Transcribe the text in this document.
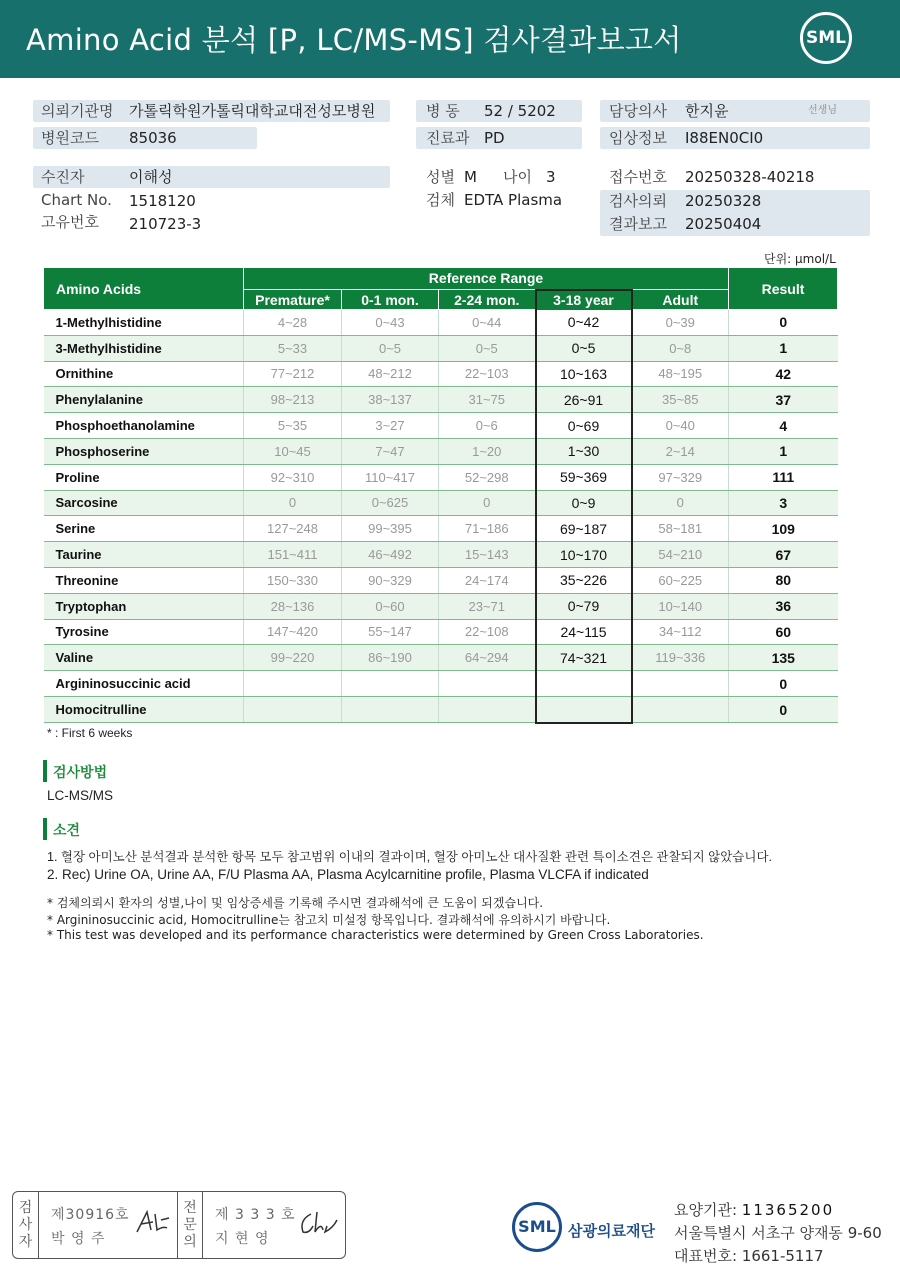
Amino Acid 분석 [P, LC/MS-MS] 검사결과보고서	SML
의뢰기관명 가톨릭학원가톨릭대학교대전성모병원
병원코드 85036
병 동 52 / 5202
진료과 PD
담당의사 한지윤	선생님
임상정보 I88EN0CI0
수진자	이해성
Chart No. 1518120
고유번호 210723-3
성별 M 나이 3
검체 EDTA Plasma
접수번호 20250328-40218
검사의뢰 20250328
결과보고 20250404
단위: μmol/L
Amino Acids	Reference Range					Result
	Premature*	0-1 mon.	2-24 mon.	3-18 year	Adult	
1-Methylhistidine	4~28	0~43	0~44	0~42	0~39	0
3-Methylhistidine	5~33	0~5	0~5	0~5	0~8	1
Ornithine	77~212	48~212	22~103	10~163	48~195	42
Phenylalanine	98~213	38~137	31~75	26~91	35~85	37
Phosphoethanolamine	5~35	3~27	0~6	0~69	0~40	4
Phosphoserine	10~45	7~47	1~20	1~30	2~14	1
Proline	92~310	110~417	52~298	59~369	97~329	111
Sarcosine	0	0~625	0	0~9	0	3
Serine	127~248	99~395	71~186	69~187	58~181	109
Taurine	151~411	46~492	15~143	10~170	54~210	67
Threonine	150~330	90~329	24~174	35~226	60~225	80
Tryptophan	28~136	0~60	23~71	0~79	10~140	36
Tyrosine	147~420	55~147	22~108	24~115	34~112	60
Valine	99~220	86~190	64~294	74~321	119~336	135
Argininosuccinic acid						0
Homocitrulline						0
* : First 6 weeks
검사방법
LC-MS/MS
소견
1. 혈장 아미노산 분석결과 분석한 항목 모두 참고범위 이내의 결과이며, 혈장 아미노산 대사질환 관련 특이소견은 관찰되지 않았습니다.
2. Rec) Urine OA, Urine AA, F/U Plasma AA, Plasma Acylcarnitine profile, Plasma VLCFA if indicated
* 검체의뢰시 환자의 성별,나이 및 임상증세를 기록해 주시면 결과해석에 큰 도움이 되겠습니다.
* Argininosuccinic acid, Homocitrulline는 참고치 미설정 항목입니다. 결과해석에 유의하시기 바랍니다.
* This test was developed and its performance characteristics were determined by Green Cross Laboratories.
검
사
자
제30916호
박 영 주
전
문
의
제 3 3 3 호
지 현 영
SML 삼광의료재단
요양기관: 11365200
서울특별시 서초구 양재동 9-60
대표번호: 1661-5117
